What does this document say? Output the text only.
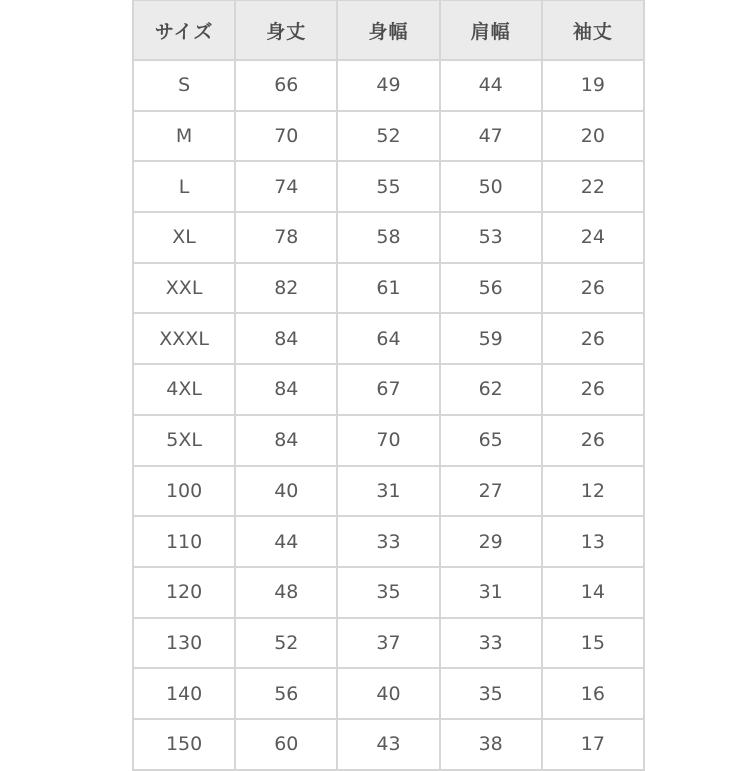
サイズ	身丈	身幅	肩幅	袖丈
S	66	49	44	19
M	70	52	47	20
L	74	55	50	22
XL	78	58	53	24
XXL	82	61	56	26
XXXL	84	64	59	26
4XL	84	67	62	26
5XL	84	70	65	26
100	40	31	27	12
110	44	33	29	13
120	48	35	31	14
130	52	37	33	15
140	56	40	35	16
150	60	43	38	17
